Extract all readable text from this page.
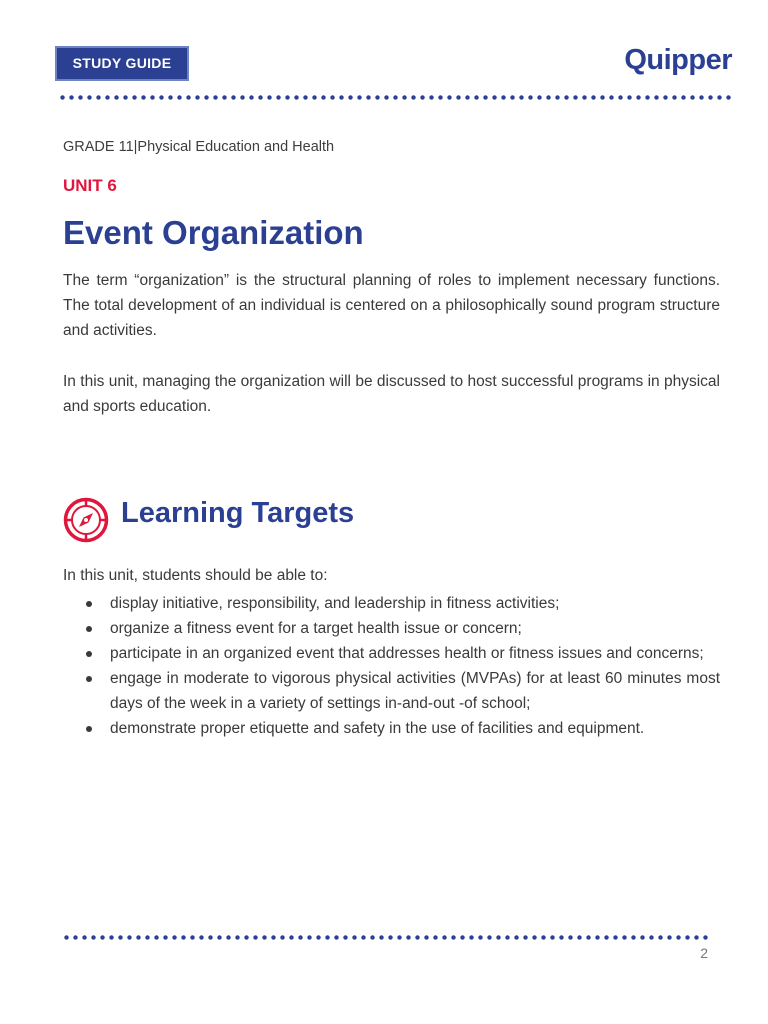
STUDY GUIDE	Quipper
GRADE 11|Physical Education and Health
UNIT 6
Event Organization

The term “organization” is the structural planning of roles to implement necessary functions. The total development of an individual is centered on a philosophically sound program structure and activities.

In this unit, managing the organization will be discussed to host successful programs in physical and sports education.

Learning Targets
In this unit, students should be able to:
display initiative, responsibility, and leadership in fitness activities;
organize a fitness event for a target health issue or concern;
participate in an organized event that addresses health or fitness issues and concerns;
engage in moderate to vigorous physical activities (MVPAs) for at least 60 minutes most days of the week in a variety of settings in-and-out -of school;
demonstrate proper etiquette and safety in the use of facilities and equipment.
2
